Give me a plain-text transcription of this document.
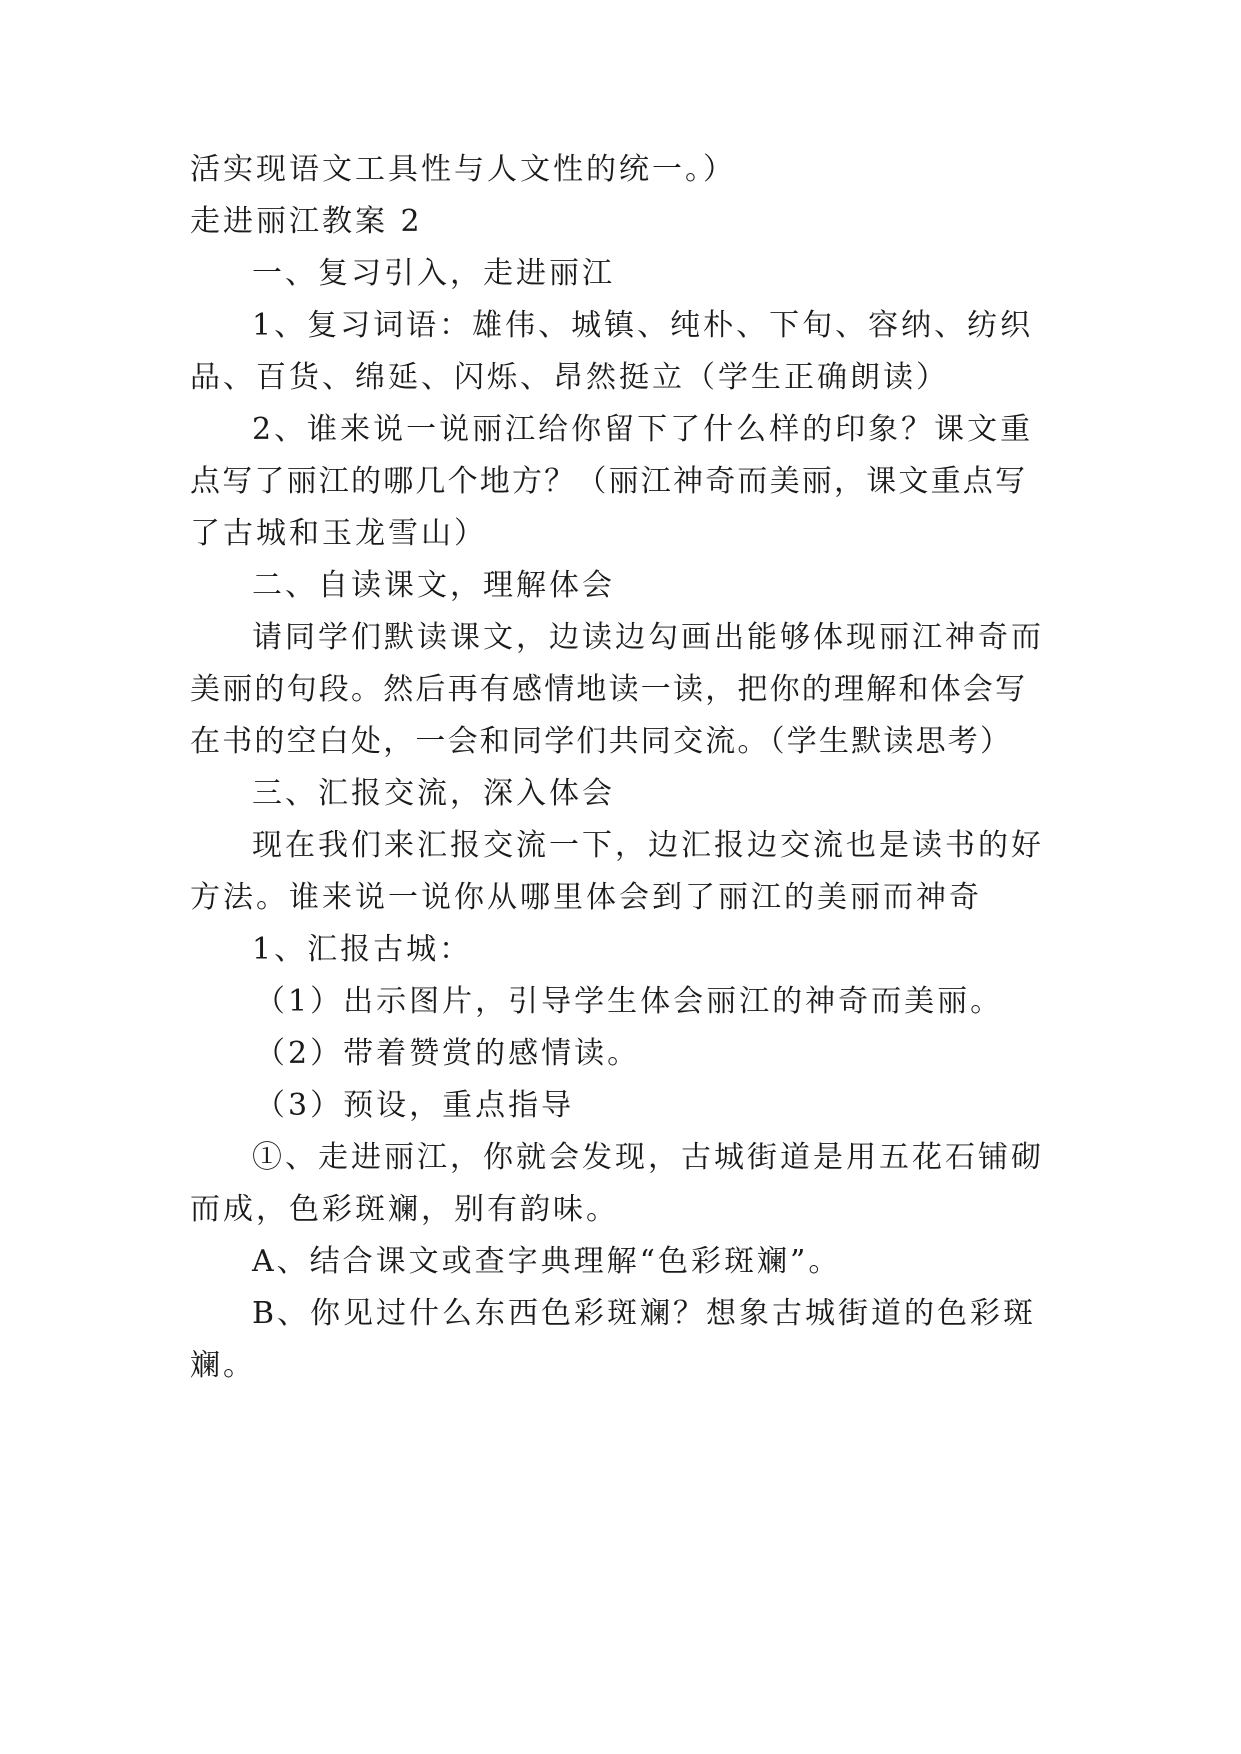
活实现语文工具性与人文性的统一。）

走进丽江教案 2

一、复习引入，走进丽江

1、复习词语：雄伟、城镇、纯朴、下旬、容纳、纺织

品、百货、绵延、闪烁、昂然挺立（学生正确朗读）

2、谁来说一说丽江给你留下了什么样的印象？课文重

点写了丽江的哪几个地方？（丽江神奇而美丽，课文重点写

了古城和玉龙雪山）

二、自读课文，理解体会

请同学们默读课文，边读边勾画出能够体现丽江神奇而

美丽的句段。然后再有感情地读一读，把你的理解和体会写

在书的空白处，一会和同学们共同交流。（学生默读思考）

三、汇报交流，深入体会

现在我们来汇报交流一下，边汇报边交流也是读书的好

方法。谁来说一说你从哪里体会到了丽江的美丽而神奇

1、汇报古城：

（1）出示图片，引导学生体会丽江的神奇而美丽。

（2）带着赞赏的感情读。

（3）预设，重点指导

①、走进丽江，你就会发现，古城街道是用五花石铺砌

而成，色彩斑斓，别有韵味。

A、结合课文或查字典理解“色彩斑斓”。

B、你见过什么东西色彩斑斓？想象古城街道的色彩斑

斓。
